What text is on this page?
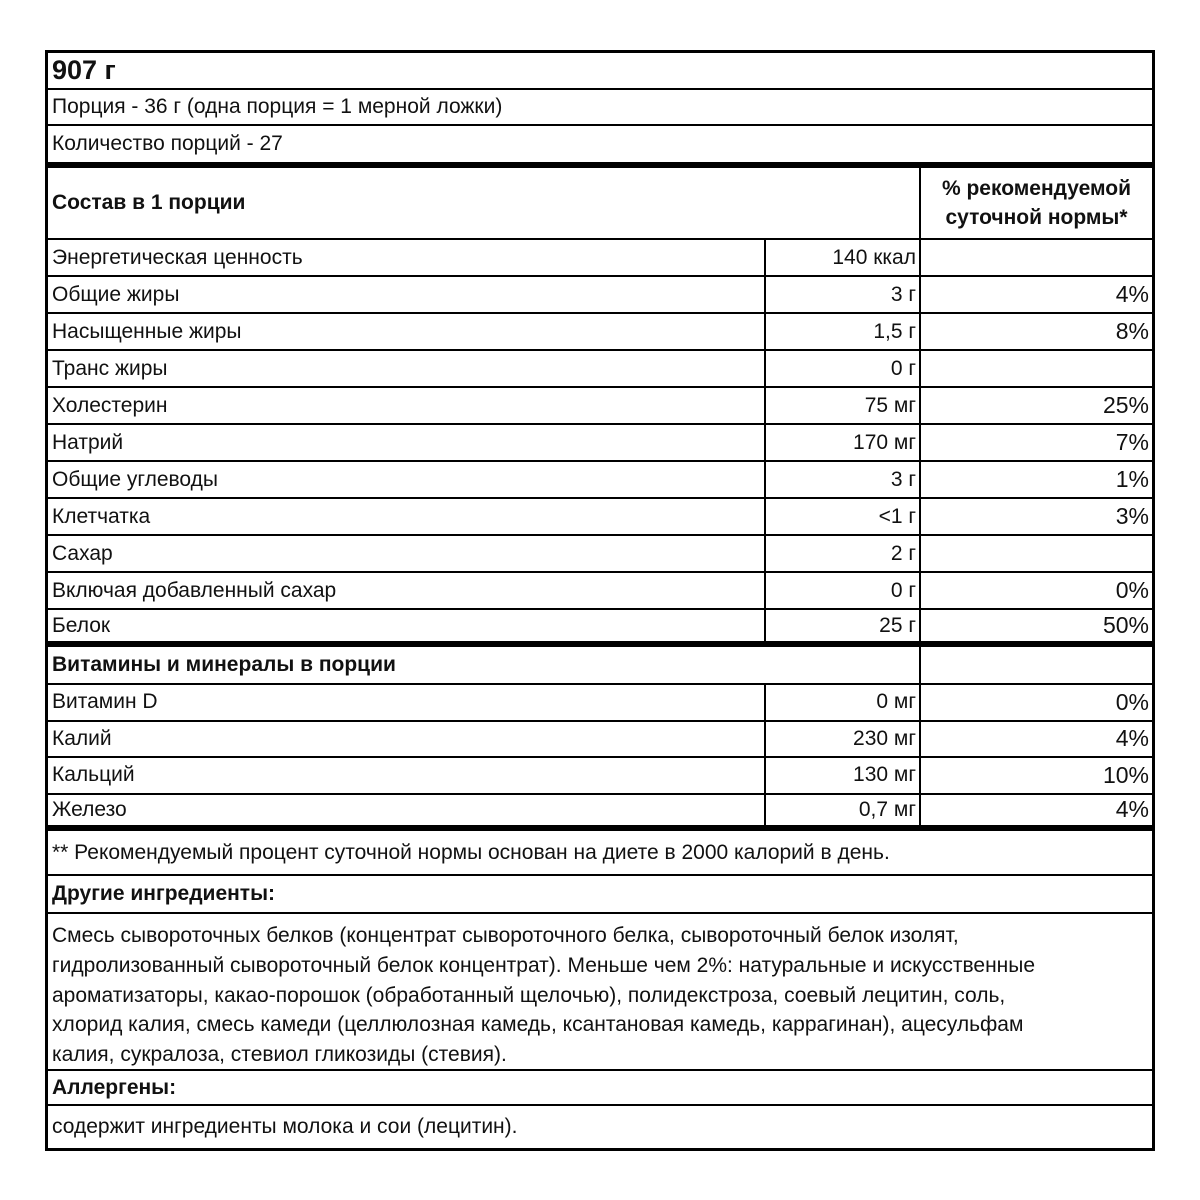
907 г
Порция - 36 г (одна порция = 1 мерной ложки)
Количество порций - 27
Состав в 1 порции
% рекомендуемой суточной нормы*
Энергетическая ценность	140 ккал
Общие жиры	3 г	4%
Насыщенные жиры	1,5 г	8%
Транс жиры	0 г
Холестерин	75 мг	25%
Натрий	170 мг	7%
Общие углеводы	3 г	1%
Клетчатка	<1 г	3%
Сахар	2 г
Включая добавленный сахар	0 г	0%
Белок	25 г	50%
Витамины и минералы в порции
Витамин D	0 мг	0%
Калий	230 мг	4%
Кальций	130 мг	10%
Железо	0,7 мг	4%
** Рекомендуемый процент суточной нормы основан на диете в 2000 калорий в день.
Другие ингредиенты:
Смесь сывороточных белков (концентрат сывороточного белка, сывороточный белок изолят,
гидролизованный сывороточный белок концентрат). Меньше чем 2%: натуральные и искусственные
ароматизаторы, какао-порошок (обработанный щелочью), полидекстроза, соевый лецитин, соль,
хлорид калия, смесь камеди (целлюлозная камедь, ксантановая камедь, каррагинан), ацесульфам
калия, сукралоза, стевиол гликозиды (стевия).
Аллергены:
содержит ингредиенты молока и сои (лецитин).
